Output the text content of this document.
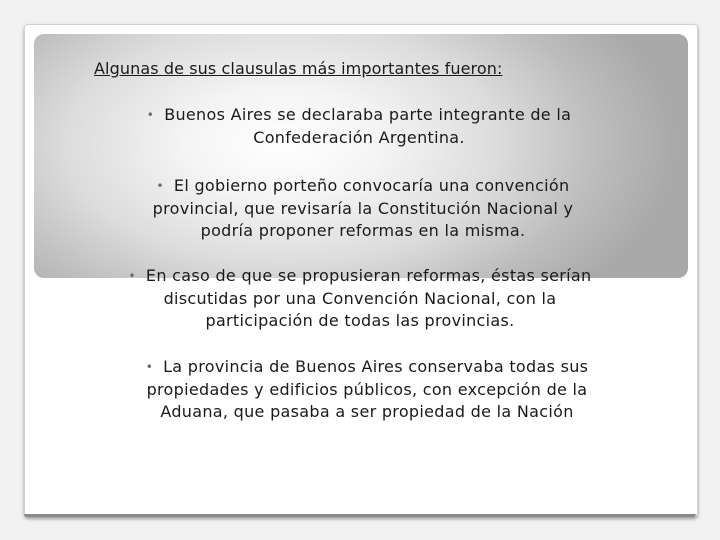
Algunas de sus clausulas más importantes fueron:
• Buenos Aires se declaraba parte integrante de la
Confederación Argentina.
• El gobierno porteño convocaría una convención
provincial, que revisaría la Constitución Nacional y
podría proponer reformas en la misma.
• En caso de que se propusieran reformas, éstas serían
discutidas por una Convención Nacional, con la
participación de todas las provincias.
• La provincia de Buenos Aires conservaba todas sus
propiedades y edificios públicos, con excepción de la
Aduana, que pasaba a ser propiedad de la Nación
